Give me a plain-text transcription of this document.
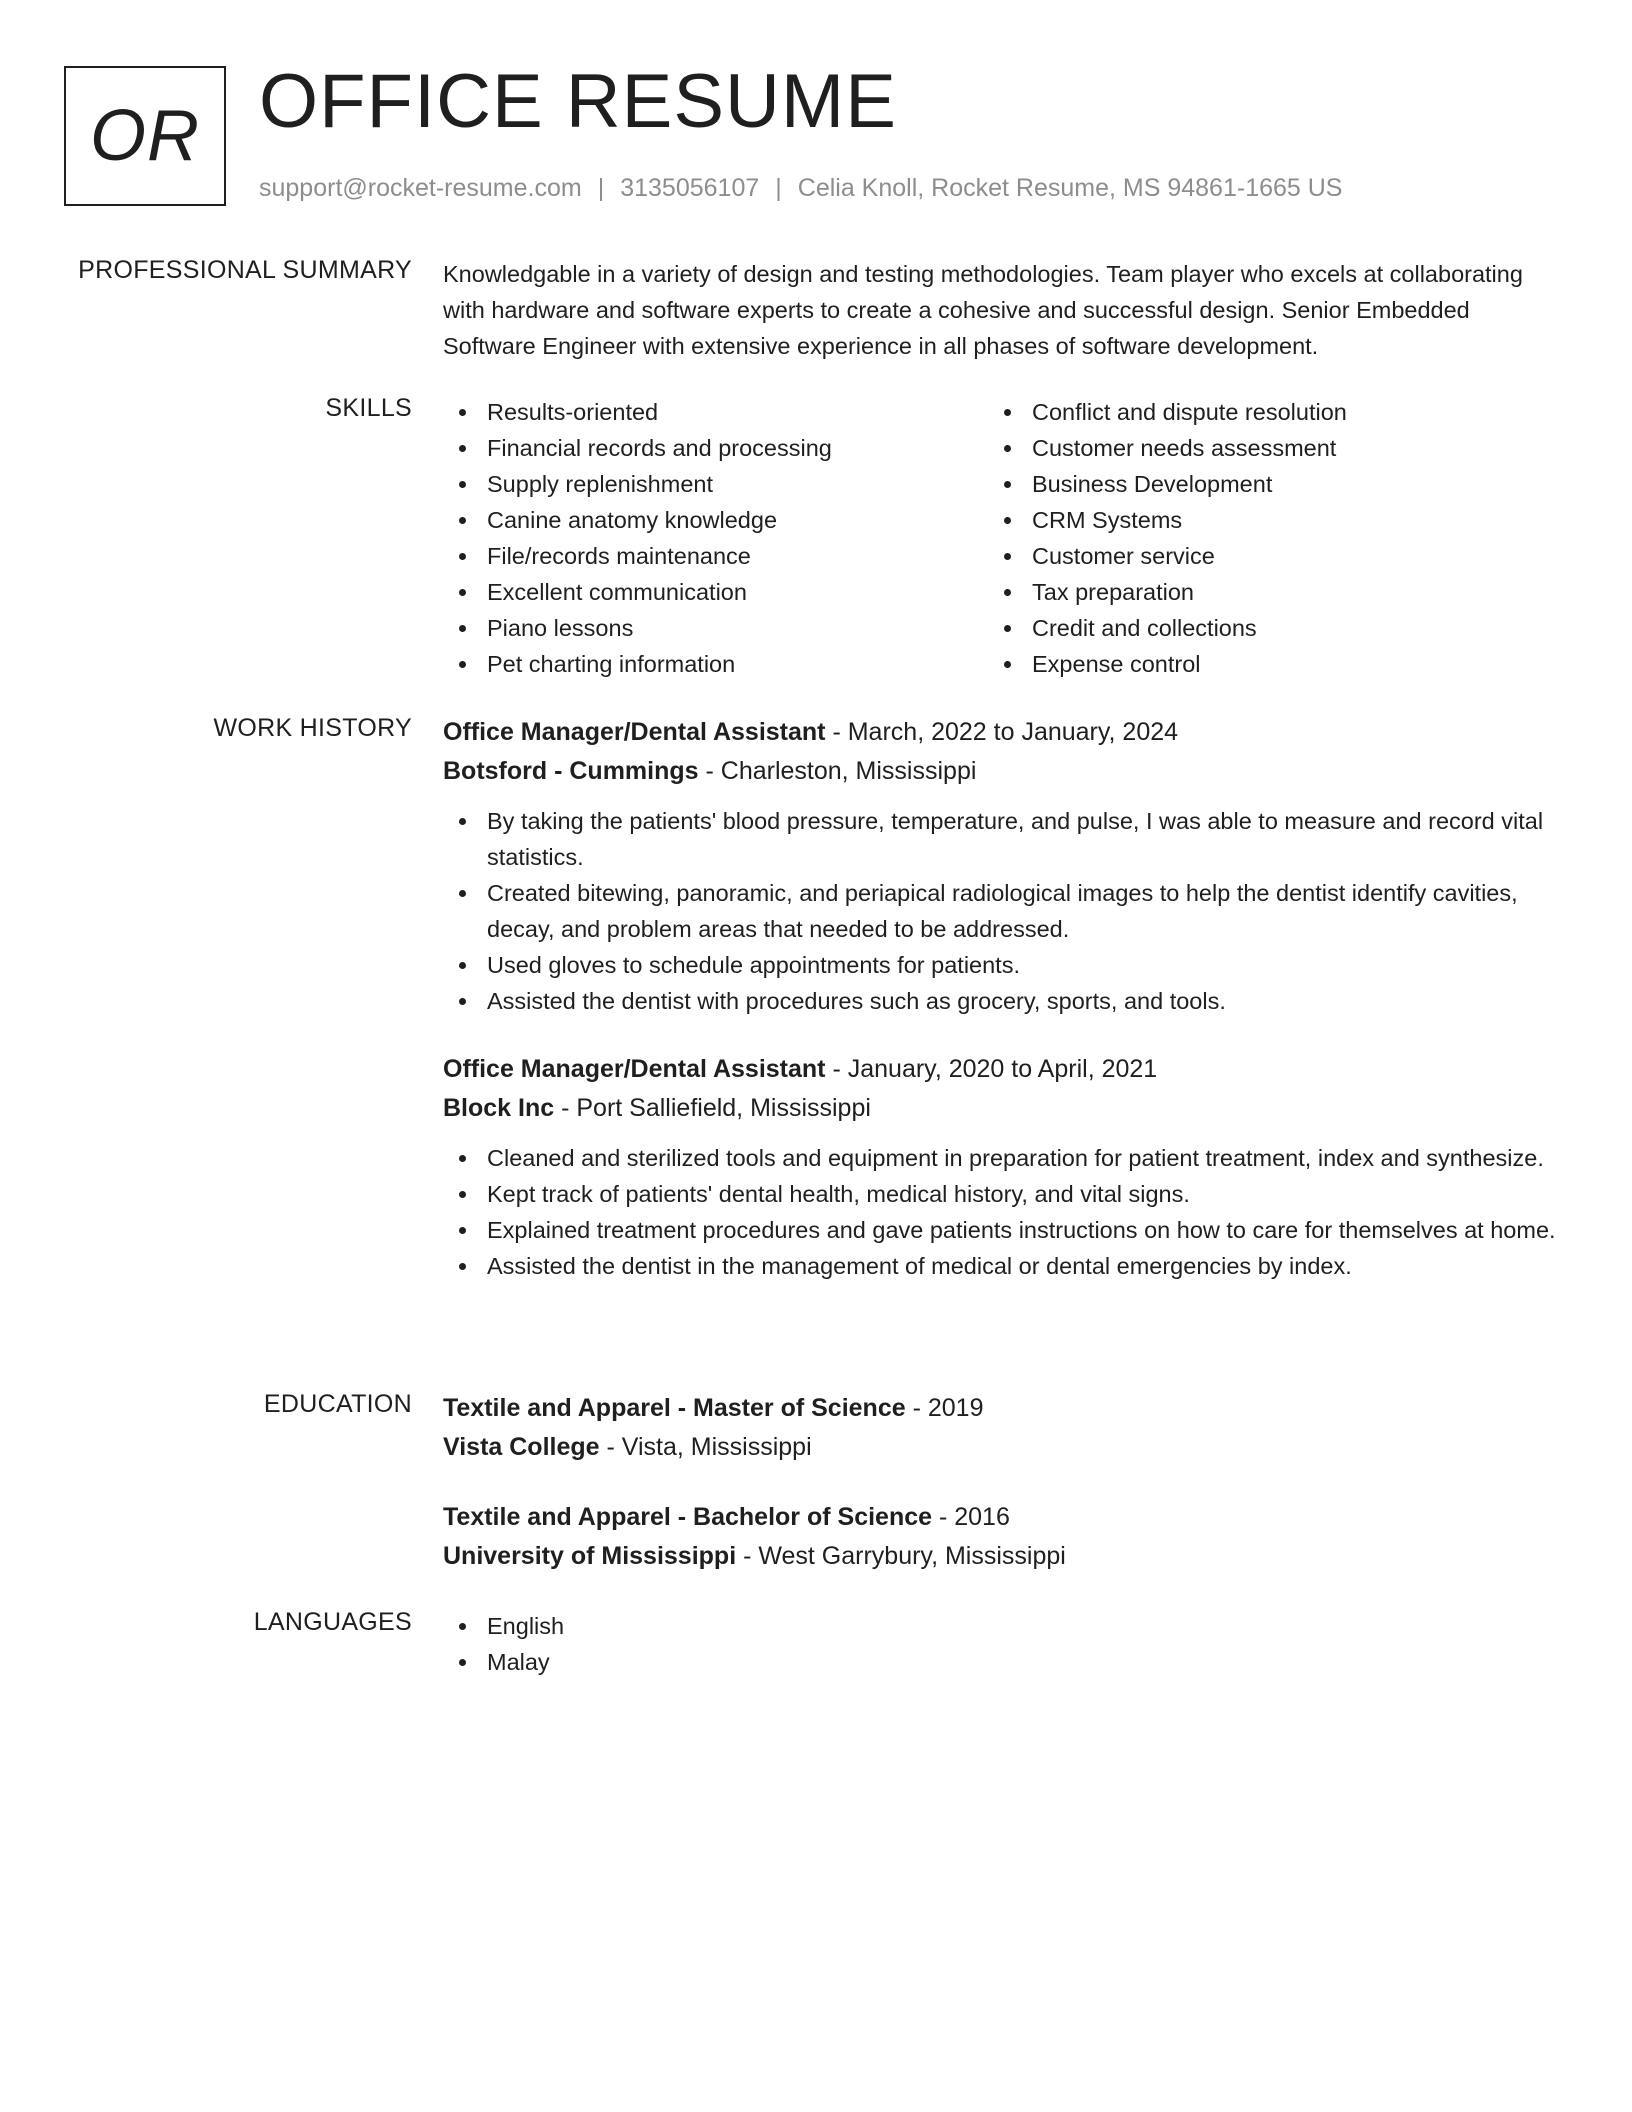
OR OFFICE RESUME
support@rocket-resume.com | 3135056107 | Celia Knoll, Rocket Resume, MS 94861-1665 US
PROFESSIONAL SUMMARY Knowledgable in a variety of design and testing methodologies. Team player who excels at collaborating with hardware and software experts to create a cohesive and successful design. Senior Embedded Software Engineer with extensive experience in all phases of software development.

SKILLS	Results-oriented
Financial records and processing
Supply replenishment
Canine anatomy knowledge
File/records maintenance
Excellent communication
Piano lessons
Pet charting information
Conflict and dispute resolution
Customer needs assessment
Business Development
CRM Systems
Customer service
Tax preparation
Credit and collections
Expense control
WORK HISTORY Office Manager/Dental Assistant - March, 2022 to January, 2024
Botsford - Cummings - Charleston, Mississippi
By taking the patients' blood pressure, temperature, and pulse, I was able to measure and record vital statistics.
Created bitewing, panoramic, and periapical radiological images to help the dentist identify cavities, decay, and problem areas that needed to be addressed.
Used gloves to schedule appointments for patients.
Assisted the dentist with procedures such as grocery, sports, and tools.
Office Manager/Dental Assistant - January, 2020 to April, 2021
Block Inc - Port Salliefield, Mississippi
Cleaned and sterilized tools and equipment in preparation for patient treatment, index and synthesize.
Kept track of patients' dental health, medical history, and vital signs.
Explained treatment procedures and gave patients instructions on how to care for themselves at home.
Assisted the dentist in the management of medical or dental emergencies by index.
EDUCATION Textile and Apparel - Master of Science - 2019
Vista College - Vista, Mississippi
Textile and Apparel - Bachelor of Science - 2016
University of Mississippi - West Garrybury, Mississippi
LANGUAGES	English
Malay
